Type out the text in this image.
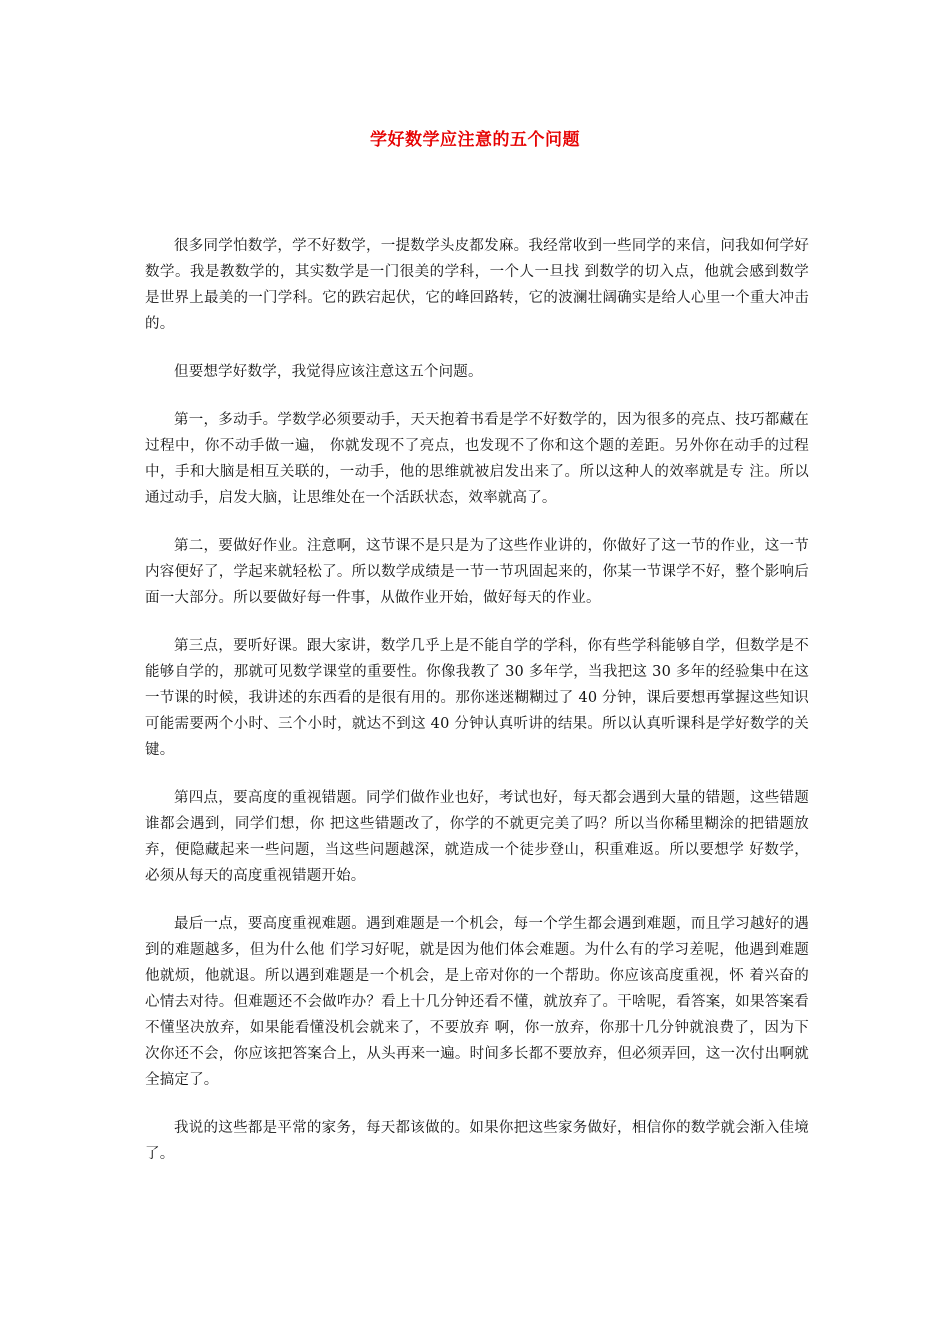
学好数学应注意的五个问题

很多同学怕数学，学不好数学，一提数学头皮都发麻。我经常收到一些同学的来信，问我如何学好数学。我是教数学的，其实数学是一门很美的学科，一个人一旦找 到数学的切入点，他就会感到数学是世界上最美的一门学科。它的跌宕起伏，它的峰回路转，它的波澜壮阔确实是给人心里一个重大冲击的。

但要想学好数学，我觉得应该注意这五个问题。

第一，多动手。学数学必须要动手，天天抱着书看是学不好数学的，因为很多的亮点、技巧都藏在过程中，你不动手做一遍， 你就发现不了亮点，也发现不了你和这个题的差距。另外你在动手的过程中，手和大脑是相互关联的，一动手，他的思维就被启发出来了。所以这种人的效率就是专 注。所以通过动手，启发大脑，让思维处在一个活跃状态，效率就高了。

第二，要做好作业。注意啊，这节课不是只是为了这些作业讲的，你做好了这一节的作业，这一节内容便好了，学起来就轻松了。所以数学成绩是一节一节巩固起来的，你某一节课学不好，整个影响后面一大部分。所以要做好每一件事，从做作业开始，做好每天的作业。

第三点，要听好课。跟大家讲，数学几乎上是不能自学的学科，你有些学科能够自学，但数学是不能够自学的，那就可见数学课堂的重要性。你像我教了 30 多年学，当我把这 30 多年的经验集中在这一节课的时候，我讲述的东西看的是很有用的。那你迷迷糊糊过了 40 分钟，课后要想再掌握这些知识可能需要两个小时、三个小时，就达不到这 40 分钟认真听讲的结果。所以认真听课科是学好数学的关键。

第四点，要高度的重视错题。同学们做作业也好，考试也好，每天都会遇到大量的错题，这些错题谁都会遇到，同学们想，你 把这些错题改了，你学的不就更完美了吗？所以当你稀里糊涂的把错题放弃，便隐藏起来一些问题，当这些问题越深，就造成一个徒步登山，积重难返。所以要想学 好数学，必须从每天的高度重视错题开始。

最后一点，要高度重视难题。遇到难题是一个机会，每一个学生都会遇到难题，而且学习越好的遇到的难题越多，但为什么他 们学习好呢，就是因为他们体会难题。为什么有的学习差呢，他遇到难题他就烦，他就退。所以遇到难题是一个机会，是上帝对你的一个帮助。你应该高度重视，怀 着兴奋的心情去对待。但难题还不会做咋办？看上十几分钟还看不懂，就放弃了。干啥呢，看答案，如果答案看不懂坚决放弃，如果能看懂没机会就来了，不要放弃 啊，你一放弃，你那十几分钟就浪费了，因为下次你还不会，你应该把答案合上，从头再来一遍。时间多长都不要放弃，但必须弄回，这一次付出啊就全搞定了。

我说的这些都是平常的家务，每天都该做的。如果你把这些家务做好，相信你的数学就会渐入佳境了。
